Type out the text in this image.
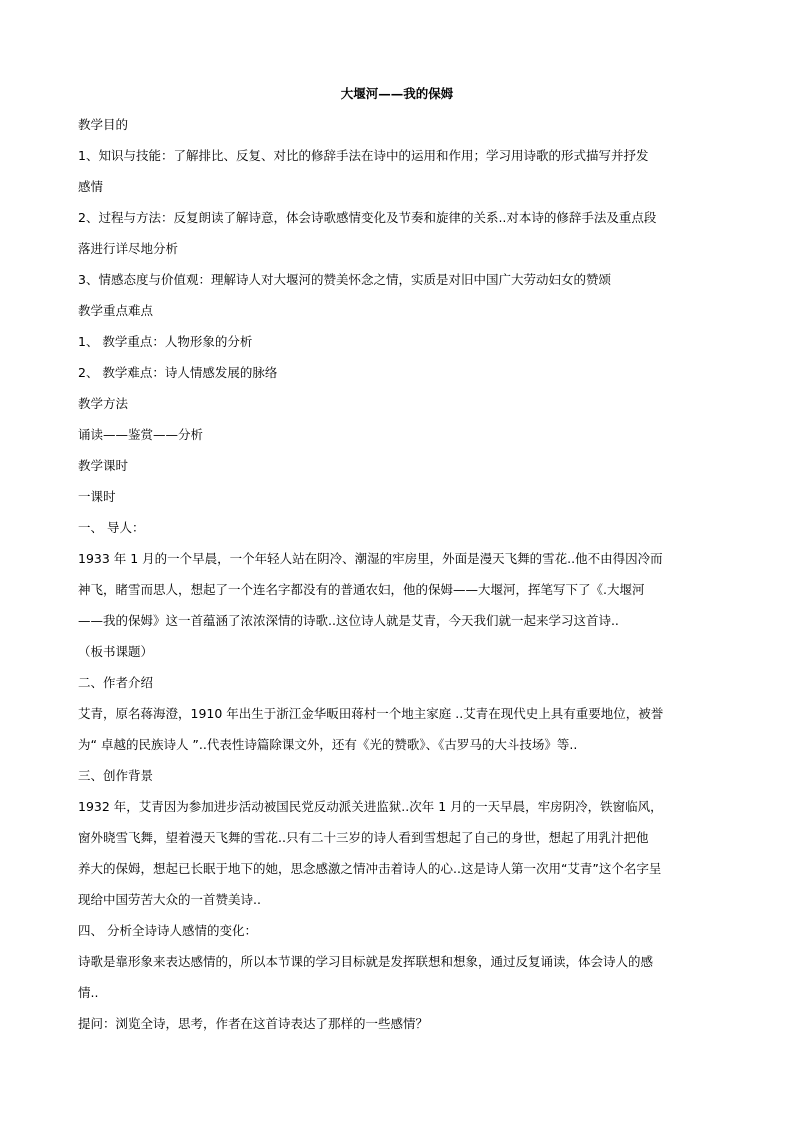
大堰河——我的保姆
教学目的
1、知识与技能：了解排比、反复、对比的修辞手法在诗中的运用和作用；学习用诗歌的形式描写并抒发
感情
2、过程与方法：反复朗读了解诗意，体会诗歌感情变化及节奏和旋律的关系..对本诗的修辞手法及重点段
落进行详尽地分析
3、情感态度与价值观：理解诗人对大堰河的赞美怀念之情，实质是对旧中国广大劳动妇女的赞颂
教学重点难点
1、 教学重点：人物形象的分析
2、 教学难点：诗人情感发展的脉络
教学方法
诵读——鉴赏——分析
教学课时
一课时
一、 导人：
1933 年 1 月的一个早晨，一个年轻人站在阴冷、潮湿的牢房里，外面是漫天飞舞的雪花..他不由得因冷而
神飞，睹雪而思人，想起了一个连名字都没有的普通农妇，他的保姆——大堰河，挥笔写下了《.大堰河
——我的保姆》这一首蕴涵了浓浓深情的诗歌..这位诗人就是艾青，今天我们就一起来学习这首诗..
（板书课题）
二、作者介绍
艾青，原名蒋海澄，1910 年出生于浙江金华畈田蒋村一个地主家庭 ..艾青在现代史上具有重要地位，被誉
为“ 卓越的民族诗人 ”..代表性诗篇除课文外，还有《光的赞歌》、《古罗马的大斗技场》等..
三、创作背景
1932 年，艾青因为参加进步活动被国民党反动派关进监狱..次年 1 月的一天早晨，牢房阴冷，铁窗临风，
窗外晓雪飞舞，望着漫天飞舞的雪花..只有二十三岁的诗人看到雪想起了自己的身世，想起了用乳汁把他
养大的保姆，想起已长眠于地下的她，思念感激之情冲击着诗人的心..这是诗人第一次用“艾青”这个名字呈
现给中国劳苦大众的一首赞美诗..
四、 分析全诗诗人感情的变化：
诗歌是靠形象来表达感情的，所以本节课的学习目标就是发挥联想和想象，通过反复诵读，体会诗人的感
情..
提问：浏览全诗，思考，作者在这首诗表达了那样的一些感情？
